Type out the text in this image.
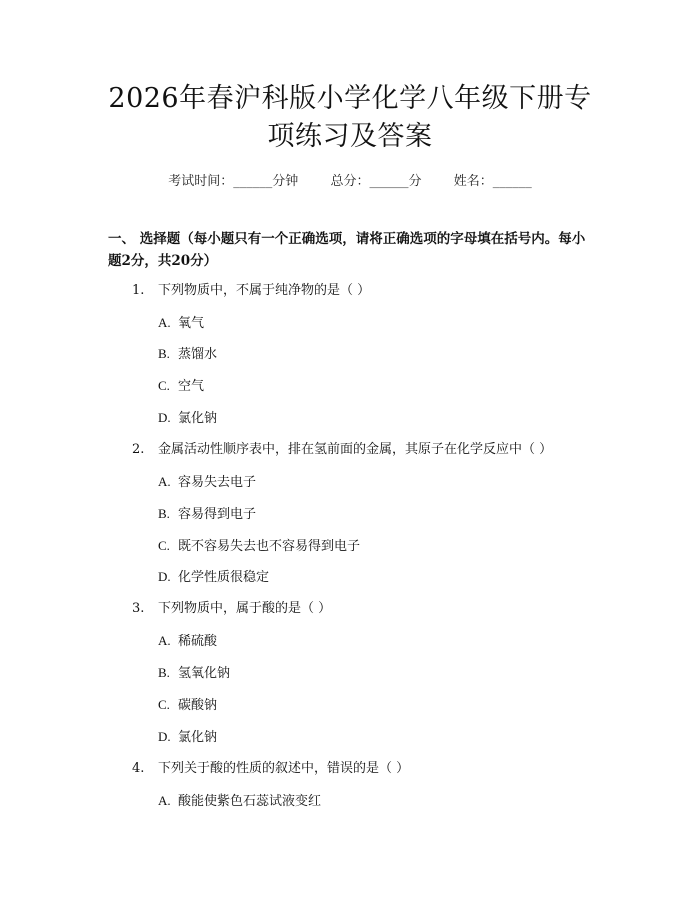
2026年春沪科版小学化学八年级下册专项练习及答案
考试时间：______分钟 总分：______分 姓名：______
一、 选择题（每小题只有一个正确选项，请将正确选项的字母填在括号内。每小题2分，共20分）
1. 下列物质中，不属于纯净物的是（ ）
A. 氧气
B. 蒸馏水
C. 空气
D. 氯化钠
2. 金属活动性顺序表中，排在氢前面的金属，其原子在化学反应中（ ）
A. 容易失去电子
B. 容易得到电子
C. 既不容易失去也不容易得到电子
D. 化学性质很稳定
3. 下列物质中，属于酸的是（ ）
A. 稀硫酸
B. 氢氧化钠
C. 碳酸钠
D. 氯化钠
4. 下列关于酸的性质的叙述中，错误的是（ ）
A. 酸能使紫色石蕊试液变红
